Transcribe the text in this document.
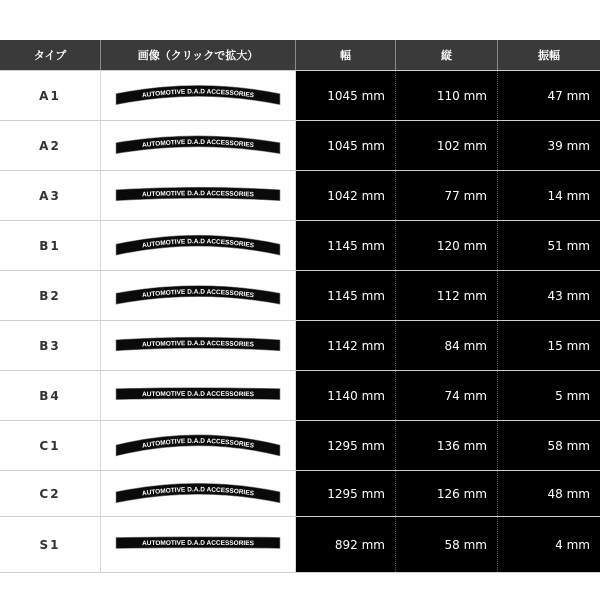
タイプ	画像（クリックで拡大）	幅	縦	振幅
A1	AUTOMOTIVE D.A.D ACCESSORIES	1045 mm	110 mm	47 mm
A2	AUTOMOTIVE D.A.D ACCESSORIES	1045 mm	102 mm	39 mm
A3	AUTOMOTIVE D.A.D ACCESSORIES	1042 mm	77 mm	14 mm
B1	AUTOMOTIVE D.A.D ACCESSORIES	1145 mm	120 mm	51 mm
B2	AUTOMOTIVE D.A.D ACCESSORIES	1145 mm	112 mm	43 mm
B3	AUTOMOTIVE D.A.D ACCESSORIES	1142 mm	84 mm	15 mm
B4	AUTOMOTIVE D.A.D ACCESSORIES	1140 mm	74 mm	5 mm
C1	AUTOMOTIVE D.A.D ACCESSORIES	1295 mm	136 mm	58 mm
C2	AUTOMOTIVE D.A.D ACCESSORIES	1295 mm	126 mm	48 mm
S1	AUTOMOTIVE D.A.D ACCESSORIES	892 mm	58 mm	4 mm
